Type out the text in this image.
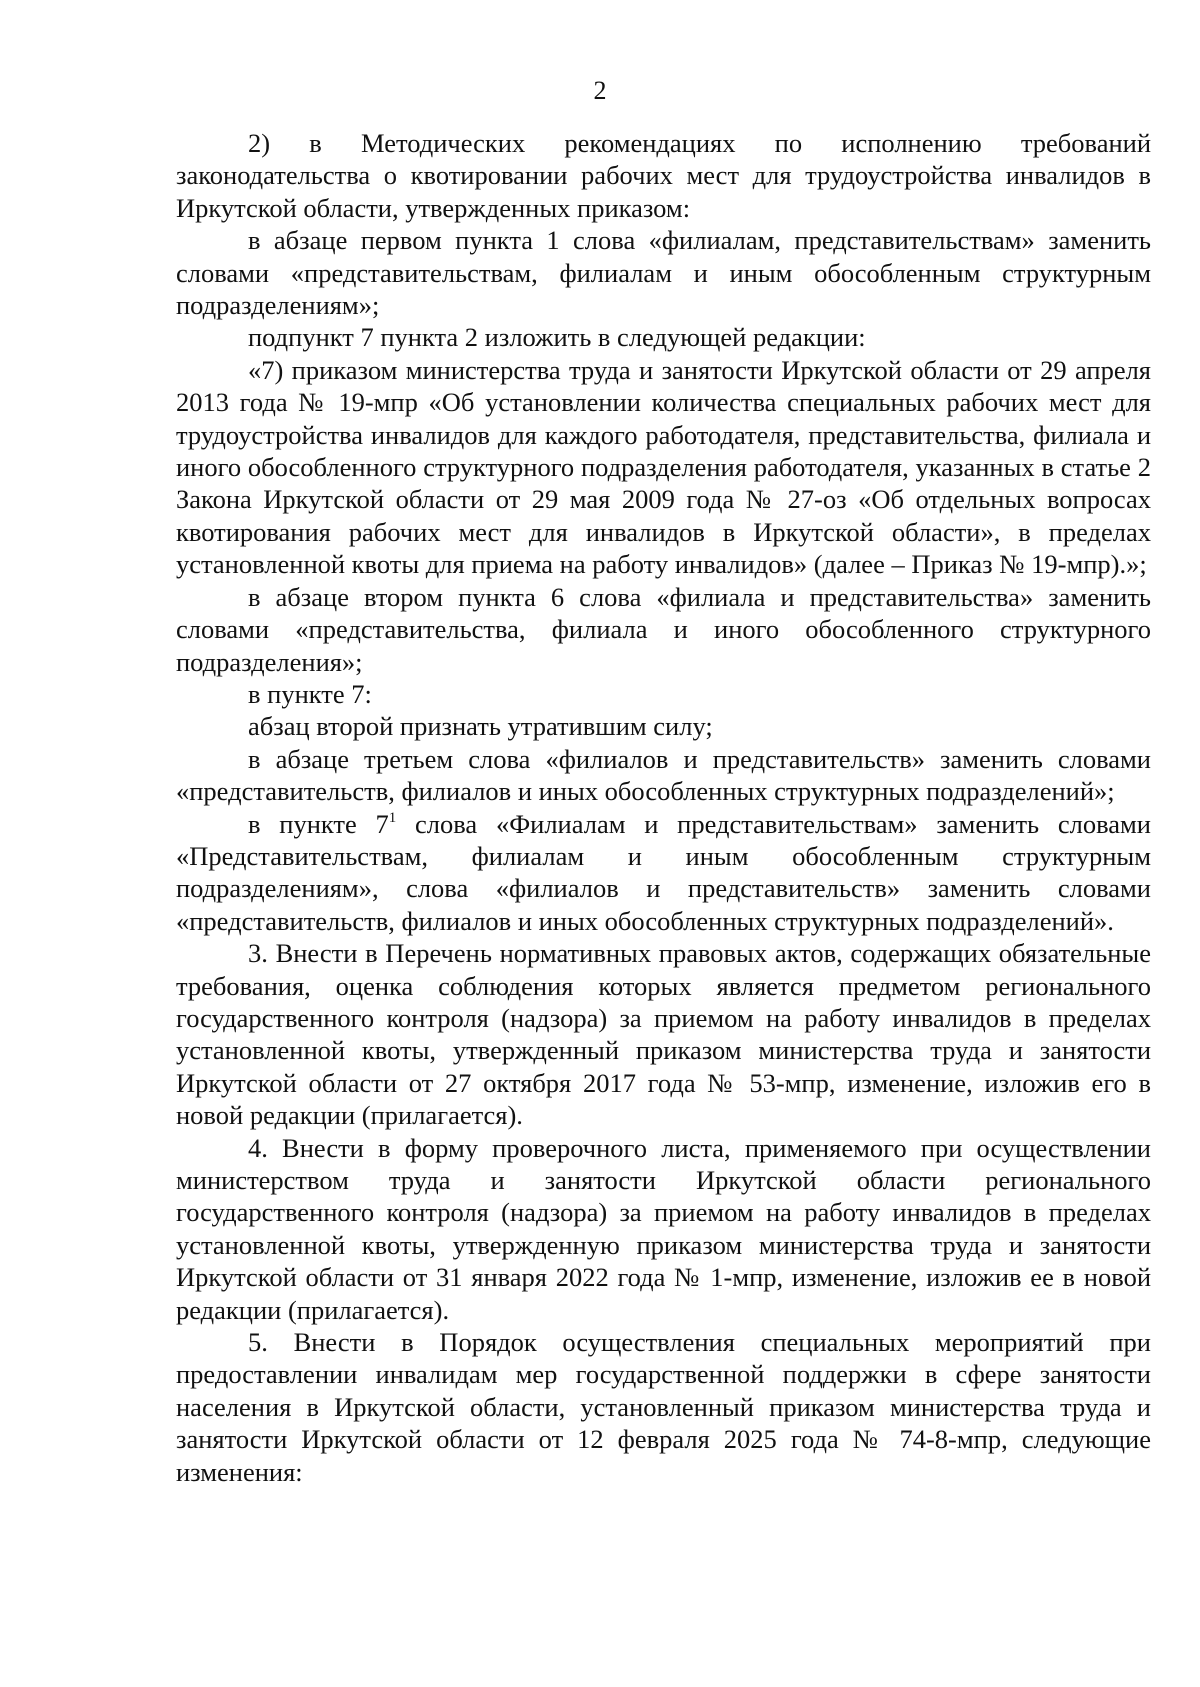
2

2) в Методических рекомендациях по исполнению требований законодательства о квотировании рабочих мест для трудоустройства инвалидов в Иркутской области, утвержденных приказом:

в абзаце первом пункта 1 слова «филиалам, представительствам» заменить словами «представительствам, филиалам и иным обособленным структурным подразделениям»;

подпункт 7 пункта 2 изложить в следующей редакции:

«7) приказом министерства труда и занятости Иркутской области от 29 апреля 2013 года № 19-мпр «Об установлении количества специальных рабочих мест для трудоустройства инвалидов для каждого работодателя, представительства, филиала и иного обособленного структурного подразделения работодателя, указанных в статье 2 Закона Иркутской области от 29 мая 2009 года № 27-оз «Об отдельных вопросах квотирования рабочих мест для инвалидов в Иркутской области», в пределах установленной квоты для приема на работу инвалидов» (далее – Приказ № 19-мпр).»;

в абзаце втором пункта 6 слова «филиала и представительства» заменить словами «представительства, филиала и иного обособленного структурного подразделения»;

в пункте 7:

абзац второй признать утратившим силу;

в абзаце третьем слова «филиалов и представительств» заменить словами «представительств, филиалов и иных обособленных структурных подразделений»;

в пункте $7^1$ слова «Филиалам и представительствам» заменить словами «Представительствам, филиалам и иным обособленным структурным подразделениям», слова «филиалов и представительств» заменить словами «представительств, филиалов и иных обособленных структурных подразделений».

3. Внести в Перечень нормативных правовых актов, содержащих обязательные требования, оценка соблюдения которых является предметом регионального государственного контроля (надзора) за приемом на работу инвалидов в пределах установленной квоты, утвержденный приказом министерства труда и занятости Иркутской области от 27 октября 2017 года № 53-мпр, изменение, изложив его в новой редакции (прилагается).

4. Внести в форму проверочного листа, применяемого при осуществлении министерством труда и занятости Иркутской области регионального государственного контроля (надзора) за приемом на работу инвалидов в пределах установленной квоты, утвержденную приказом министерства труда и занятости Иркутской области от 31 января 2022 года № 1-мпр, изменение, изложив ее в новой редакции (прилагается).

5. Внести в Порядок осуществления специальных мероприятий при предоставлении инвалидам мер государственной поддержки в сфере занятости населения в Иркутской области, установленный приказом министерства труда и занятости Иркутской области от 12 февраля 2025 года № 74-8-мпр, следующие изменения:
